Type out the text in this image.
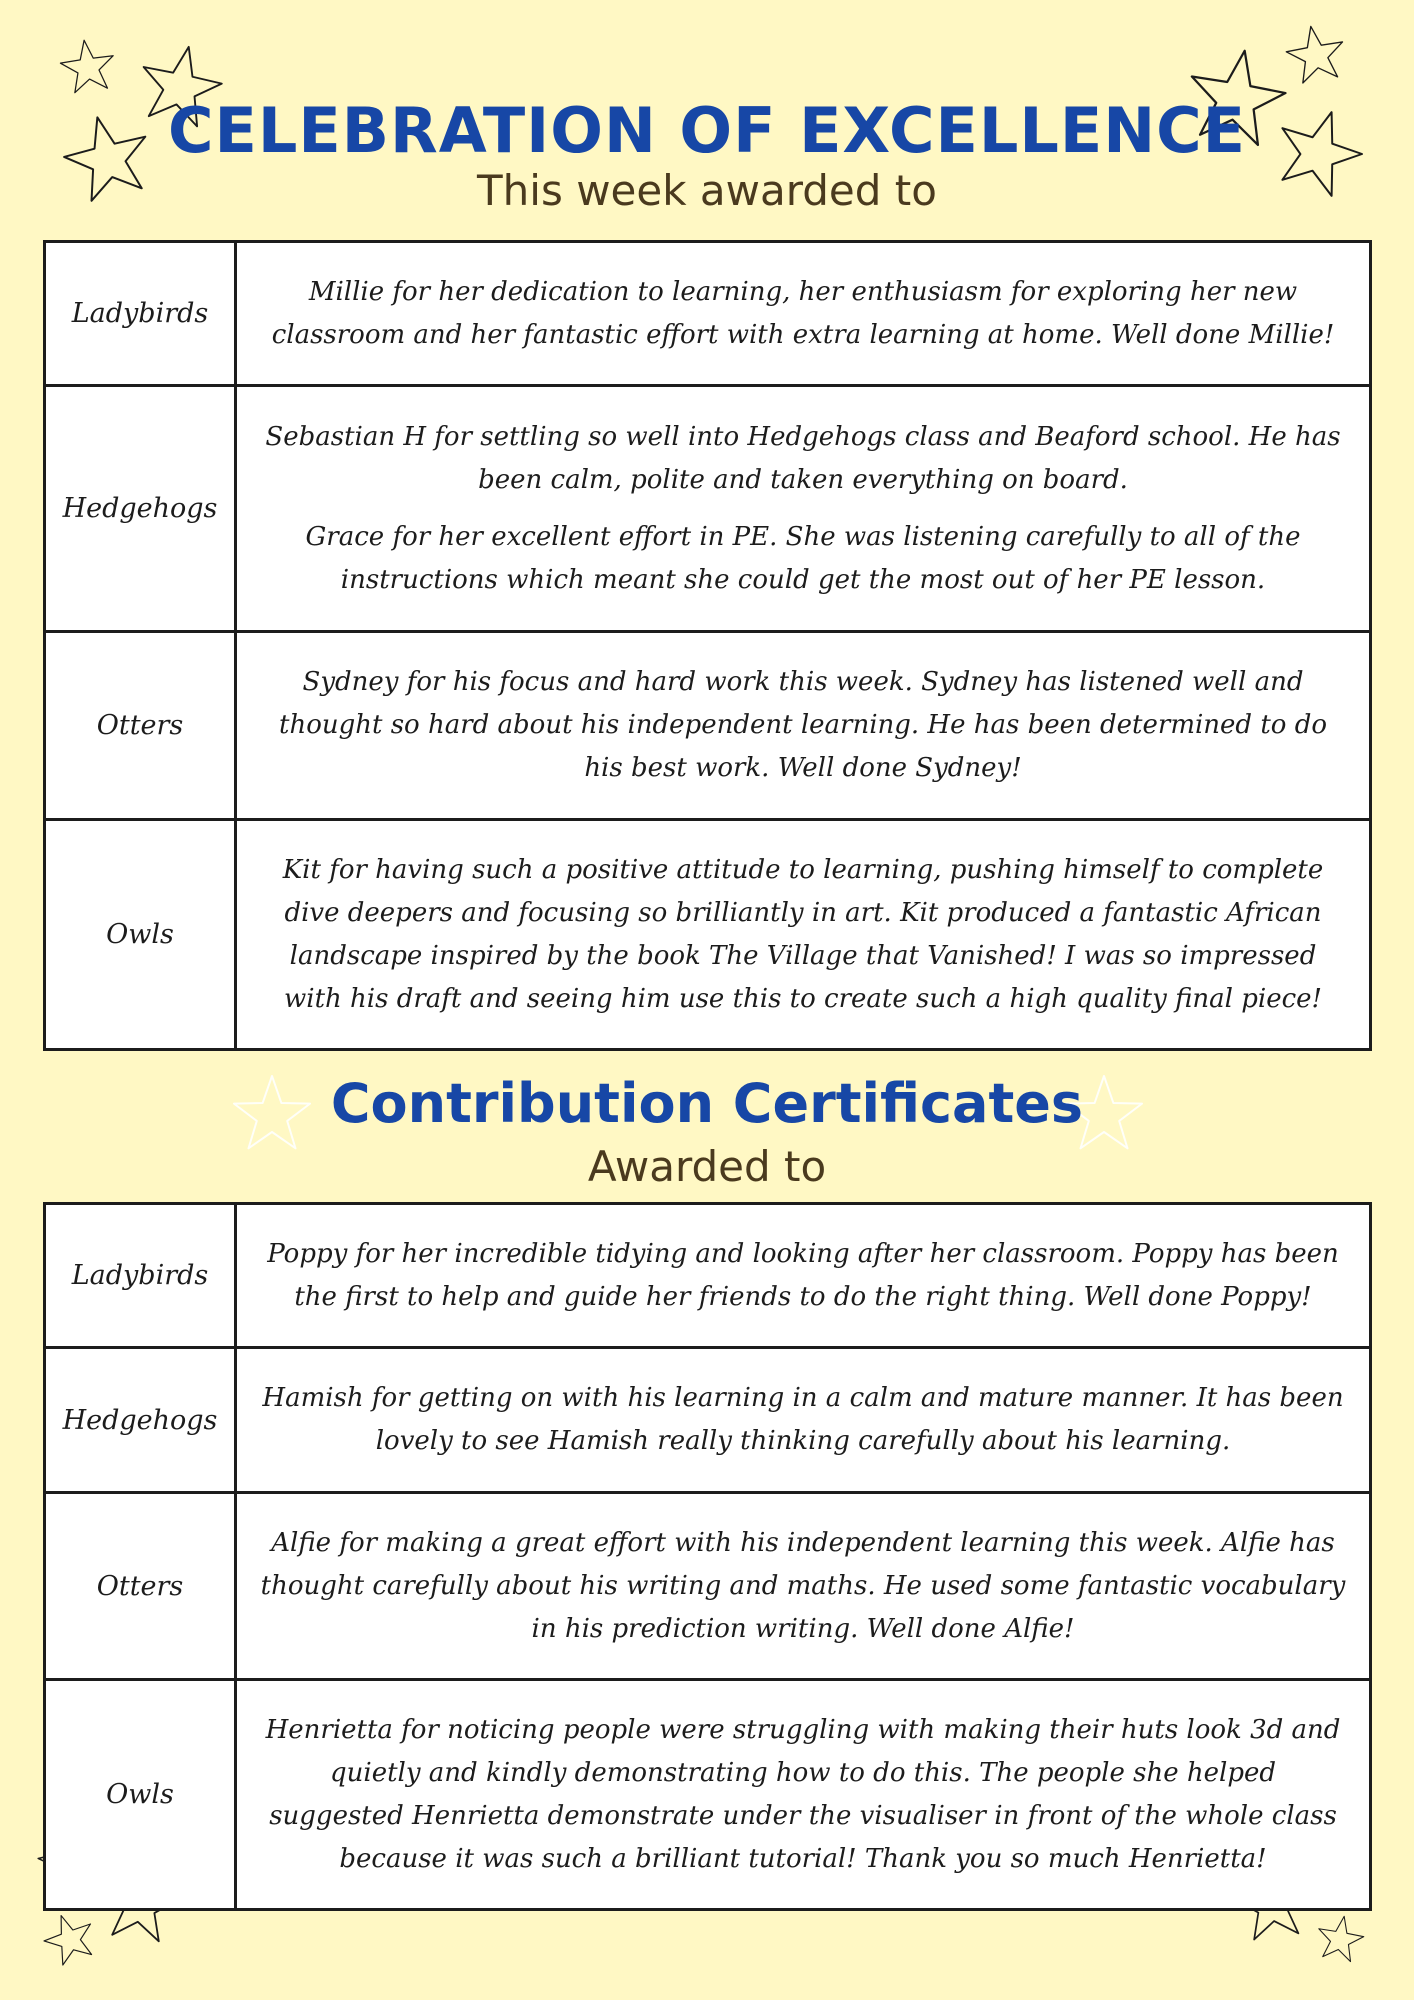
CELEBRATION OF EXCELLENCE
This week awarded to
Ladybirds	Millie for her dedication to learning, her enthusiasm for exploring her new classroom and her fantastic effort with extra learning at home. Well done Millie!

Hedgehogs	Sebastian H for settling so well into Hedgehogs class and Beaford school. He has been calm, polite and taken everything on board.

Grace for her excellent effort in PE. She was listening carefully to all of the instructions which meant she could get the most out of her PE lesson.

Otters	Sydney for his focus and hard work this week. Sydney has listened well and thought so hard about his independent learning. He has been determined to do his best work. Well done Sydney!

Owls	Kit for having such a positive attitude to learning, pushing himself to complete dive deepers and focusing so brilliantly in art. Kit produced a fantastic African landscape inspired by the book The Village that Vanished! I was so impressed with his draft and seeing him use this to create such a high quality final piece!

Contribution Certificates
Awarded to
Ladybirds	Poppy for her incredible tidying and looking after her classroom. Poppy has been the first to help and guide her friends to do the right thing. Well done Poppy!

Hedgehogs	Hamish for getting on with his learning in a calm and mature manner. It has been lovely to see Hamish really thinking carefully about his learning.

Otters	Alfie for making a great effort with his independent learning this week. Alfie has thought carefully about his writing and maths. He used some fantastic vocabulary in his prediction writing. Well done Alfie!

Owls	Henrietta for noticing people were struggling with making their huts look 3d and quietly and kindly demonstrating how to do this. The people she helped suggested Henrietta demonstrate under the visualiser in front of the whole class because it was such a brilliant tutorial! Thank you so much Henrietta!
